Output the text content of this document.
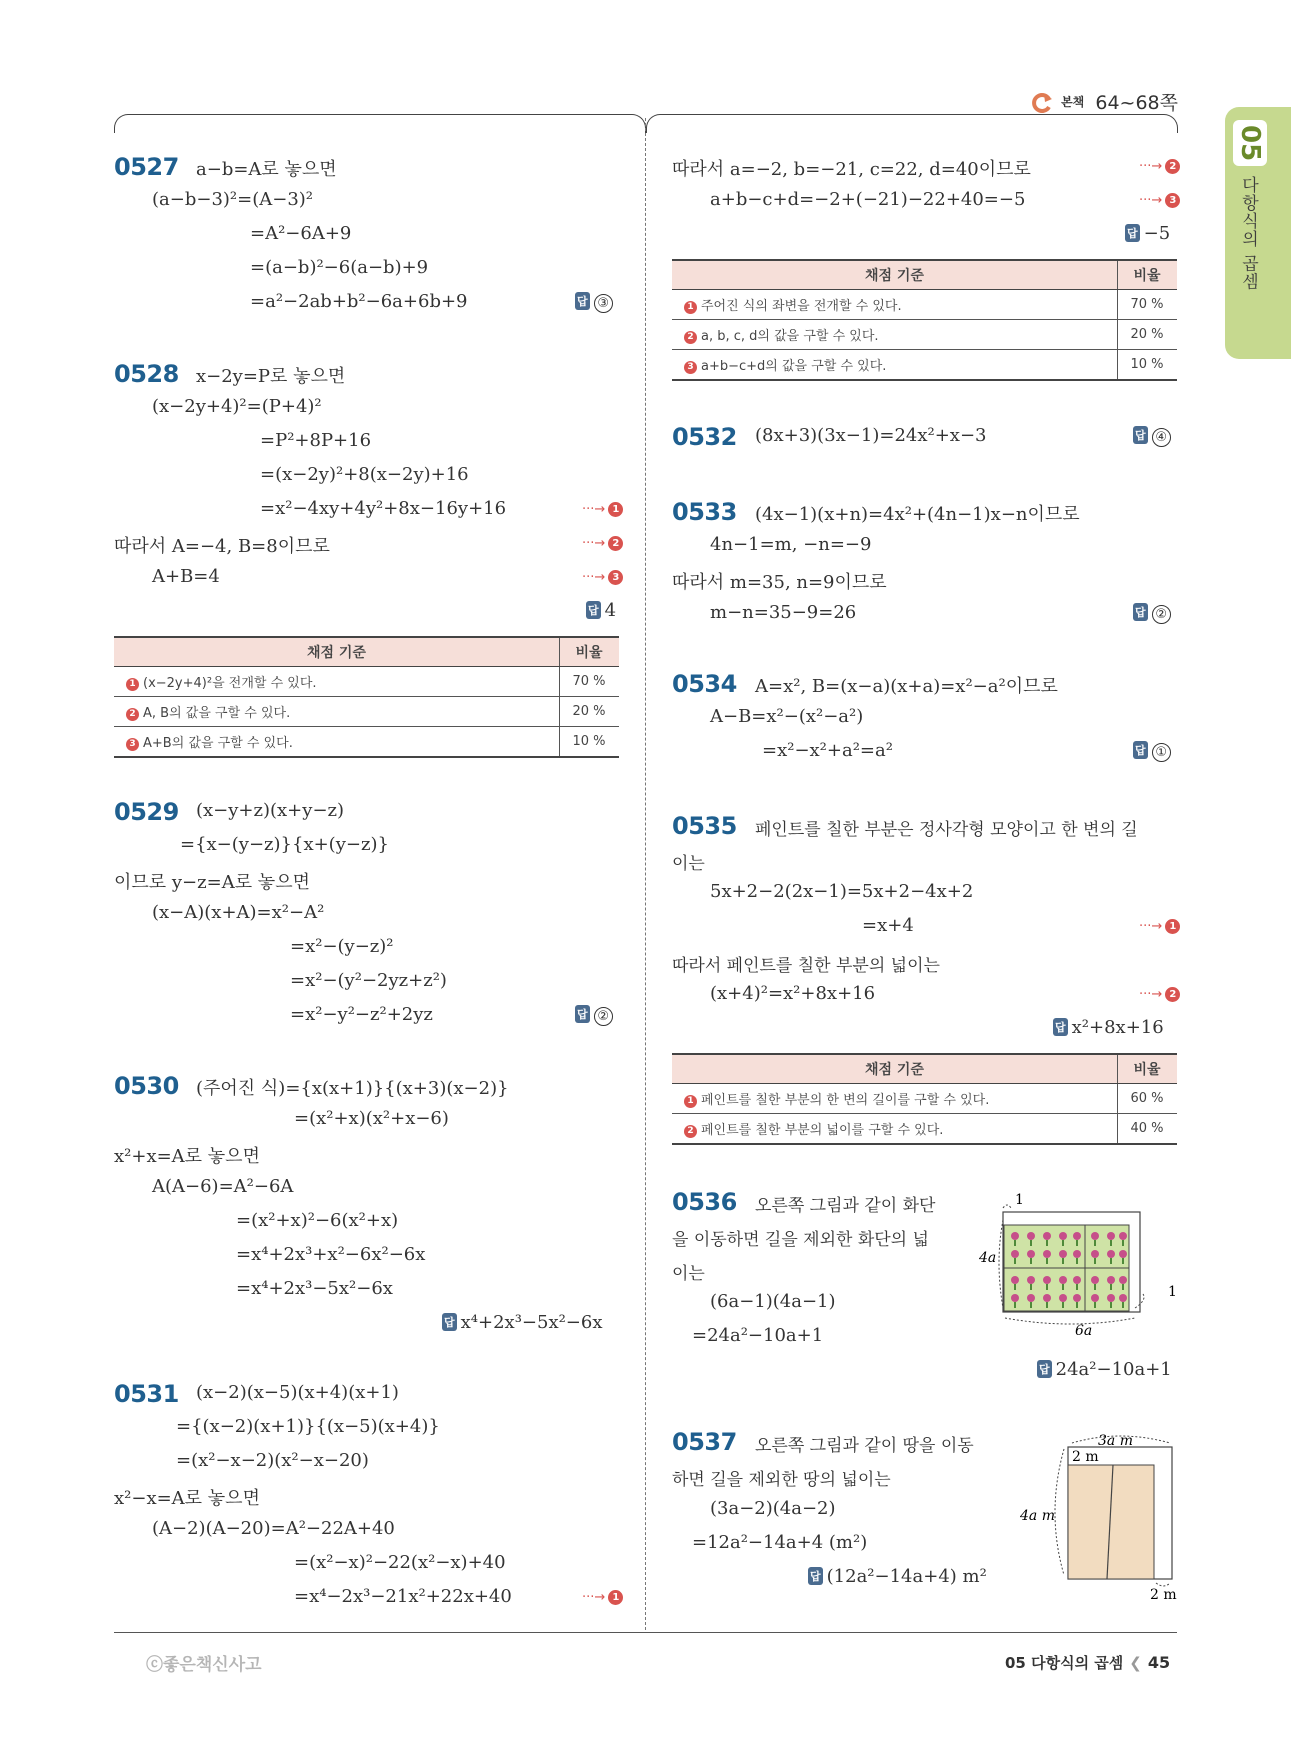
본책 64~68쪽
05
다항식의 곱셈
0527 a−b=A로 놓으면
(a−b−3)²=(A−3)²
=A²−6A+9
=(a−b)²−6(a−b)+9
=a²−2ab+b²−6a+6b+9	답 ③
0528 x−2y=P로 놓으면
(x−2y+4)²=(P+4)²
=P²+8P+16
=(x−2y)²+8(x−2y)+16
=x²−4xy+4y²+8x−16y+16	···→ 1
따라서 A=−4, B=8이므로	···→ 2
A+B=4	···→ 3
답 4
채점 기준	비율
1 (x−2y+4)²을 전개할 수 있다.	70 %
2 A, B의 값을 구할 수 있다.	20 %
3 A+B의 값을 구할 수 있다.	10 %
0529 (x−y+z)(x+y−z)
={x−(y−z)}{x+(y−z)}
이므로 y−z=A로 놓으면
(x−A)(x+A)=x²−A²
=x²−(y−z)²
=x²−(y²−2yz+z²)
=x²−y²−z²+2yz	답 ②
0530 (주어진 식)={x(x+1)}{(x+3)(x−2)}
=(x²+x)(x²+x−6)
x²+x=A로 놓으면
A(A−6)=A²−6A
=(x²+x)²−6(x²+x)
=x⁴+2x³+x²−6x²−6x
=x⁴+2x³−5x²−6x
답 x⁴+2x³−5x²−6x
0531 (x−2)(x−5)(x+4)(x+1)
={(x−2)(x+1)}{(x−5)(x+4)}
=(x²−x−2)(x²−x−20)
x²−x=A로 놓으면
(A−2)(A−20)=A²−22A+40
=(x²−x)²−22(x²−x)+40
=x⁴−2x³−21x²+22x+40	···→ 1
따라서 a=−2, b=−21, c=22, d=40이므로	···→ 2
a+b−c+d=−2+(−21)−22+40=−5	···→ 3
답 −5
채점 기준	비율
1 주어진 식의 좌변을 전개할 수 있다.	70 %
2 a, b, c, d의 값을 구할 수 있다.	20 %
3 a+b−c+d의 값을 구할 수 있다.	10 %
0532 (8x+3)(3x−1)=24x²+x−3	답 ④
0533 (4x−1)(x+n)=4x²+(4n−1)x−n이므로
4n−1=m, −n=−9
따라서 m=35, n=9이므로
m−n=35−9=26	답 ②
0534 A=x², B=(x−a)(x+a)=x²−a²이므로
A−B=x²−(x²−a²)
=x²−x²+a²=a²	답 ①
0535 페인트를 칠한 부분은 정사각형 모양이고 한 변의 길
이는
5x+2−2(2x−1)=5x+2−4x+2
=x+4	···→ 1
따라서 페인트를 칠한 부분의 넓이는
(x+4)²=x²+8x+16	···→ 2
답 x²+8x+16
채점 기준	비율
1 페인트를 칠한 부분의 한 변의 길이를 구할 수 있다.	60 %
2 페인트를 칠한 부분의 넓이를 구할 수 있다.	40 %
0536 오른쪽 그림과 같이 화단
을 이동하면 길을 제외한 화단의 넓
이는
(6a−1)(4a−1)
=24a²−10a+1
답 24a²−10a+1
1
4a
1
6a
0537 오른쪽 그림과 같이 땅을 이동
하면 길을 제외한 땅의 넓이는
(3a−2)(4a−2)
=12a²−14a+4 (m²)
답 (12a²−14a+4) m²
3a m
2 m
4a m
2 m
ⓒ좋은책신사고	05 다항식의 곱셈 ❮ 45
